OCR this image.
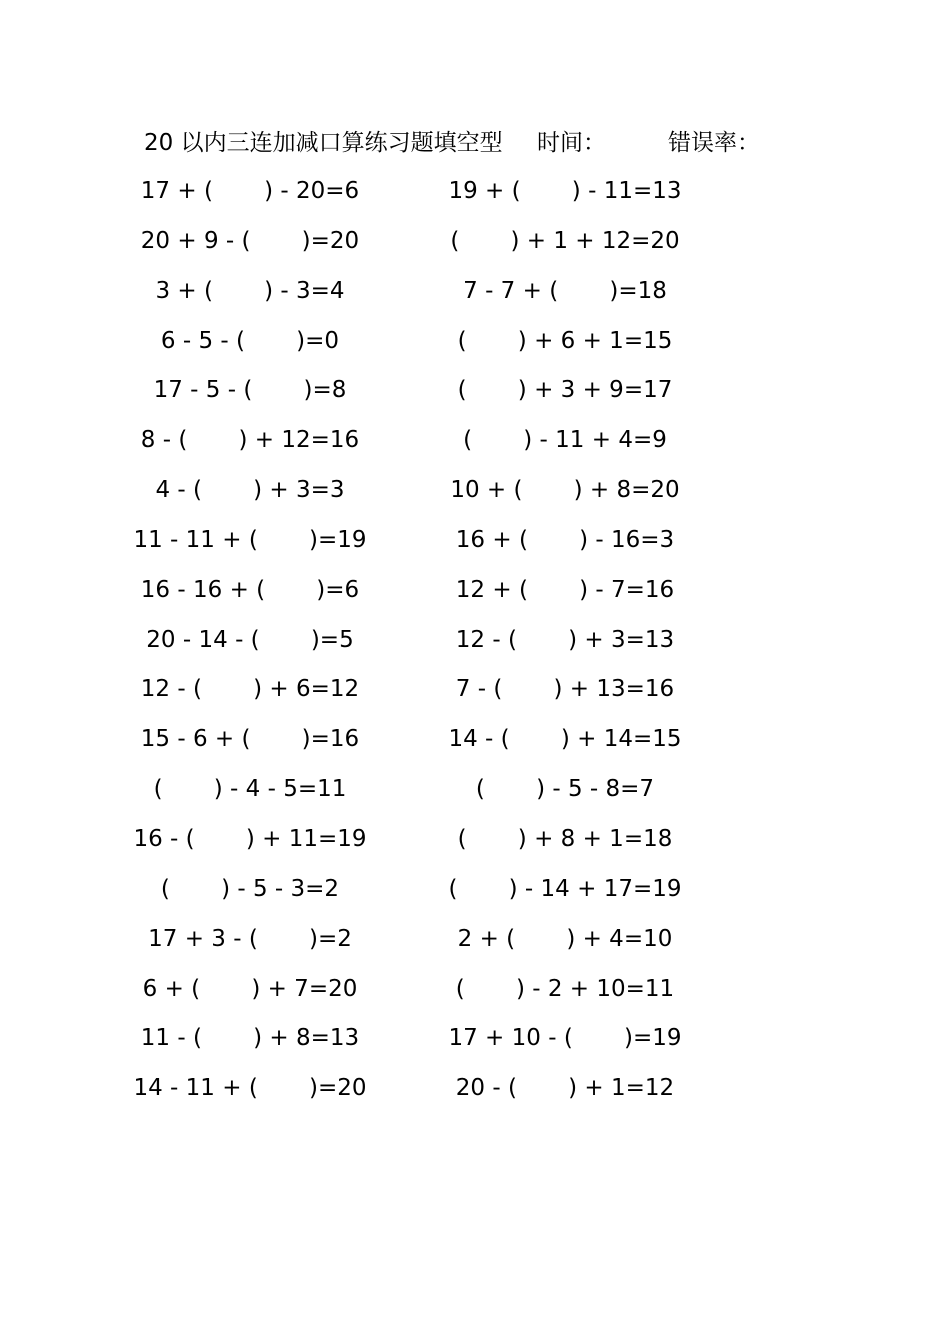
20 以内三连加减口算练习题填空型 时间：	错误率：
17 + (       ) - 20=6
20 + 9 - (       )=20
3 + (       ) - 3=4
6 - 5 - (       )=0
17 - 5 - (       )=8
8 - (       ) + 12=16
4 - (       ) + 3=3
11 - 11 + (       )=19
16 - 16 + (       )=6
20 - 14 - (       )=5
12 - (       ) + 6=12
15 - 6 + (       )=16
(       ) - 4 - 5=11
16 - (       ) + 11=19
(       ) - 5 - 3=2
17 + 3 - (       )=2
6 + (       ) + 7=20
11 - (       ) + 8=13
14 - 11 + (       )=20
19 + (       ) - 11=13
(       ) + 1 + 12=20
7 - 7 + (       )=18
(       ) + 6 + 1=15
(       ) + 3 + 9=17
(       ) - 11 + 4=9
10 + (       ) + 8=20
16 + (       ) - 16=3
12 + (       ) - 7=16
12 - (       ) + 3=13
7 - (       ) + 13=16
14 - (       ) + 14=15
(       ) - 5 - 8=7
(       ) + 8 + 1=18
(       ) - 14 + 17=19
2 + (       ) + 4=10
(       ) - 2 + 10=11
17 + 10 - (       )=19
20 - (       ) + 1=12
